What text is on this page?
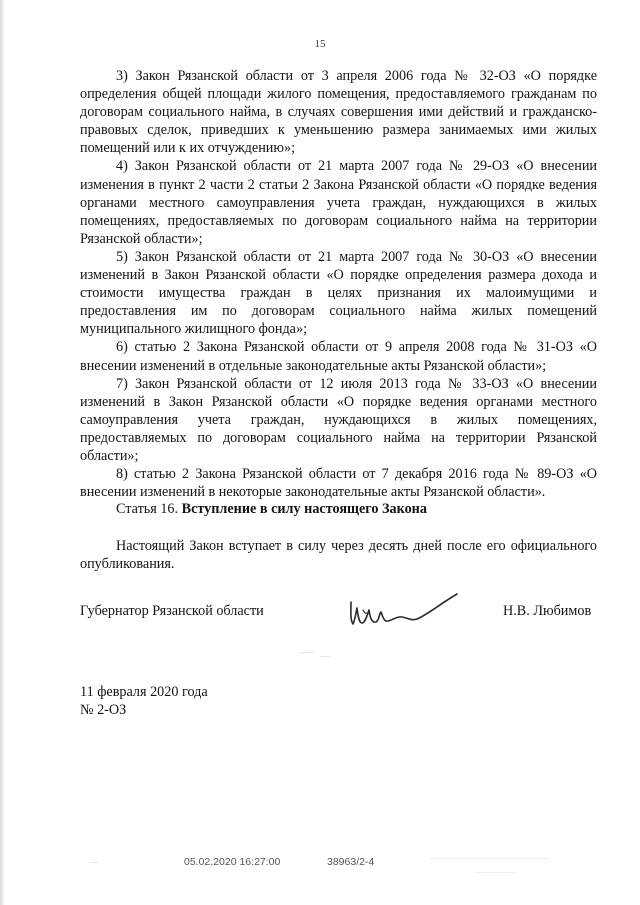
15

3) Закон Рязанской области от 3 апреля 2006 года № 32-ОЗ «О порядке определения общей площади жилого помещения, предоставляемого гражданам по договорам социального найма, в случаях совершения ими действий и гражданско-правовых сделок, приведших к уменьшению размера занимаемых ими жилых помещений или к их отчуждению»;

4) Закон Рязанской области от 21 марта 2007 года № 29-ОЗ «О внесении изменения в пункт 2 части 2 статьи 2 Закона Рязанской области «О порядке ведения органами местного самоуправления учета граждан, нуждающихся в жилых помещениях, предоставляемых по договорам социального найма на территории Рязанской области»;

5) Закон Рязанской области от 21 марта 2007 года № 30-ОЗ «О внесении изменений в Закон Рязанской области «О порядке определения размера дохода и стоимости имущества граждан в целях признания их малоимущими и предоставления им по договорам социального найма жилых помещений муниципального жилищного фонда»;

6) статью 2 Закона Рязанской области от 9 апреля 2008 года № 31-ОЗ «О внесении изменений в отдельные законодательные акты Рязанской области»;

7) Закон Рязанской области от 12 июля 2013 года № 33-ОЗ «О внесении изменений в Закон Рязанской области «О порядке ведения органами местного самоуправления учета граждан, нуждающихся в жилых помещениях, предоставляемых по договорам социального найма на территории Рязанской области»;

8) статью 2 Закона Рязанской области от 7 декабря 2016 года № 89-ОЗ «О внесении изменений в некоторые законодательные акты Рязанской области».

Статья 16. Вступление в силу настоящего Закона

Настоящий Закон вступает в силу через десять дней после его официального опубликования.

Губернатор Рязанской области	Н.В. Любимов
11 февраля 2020 года
№ 2-ОЗ
05.02.2020 16:27:00	38963/2-4
